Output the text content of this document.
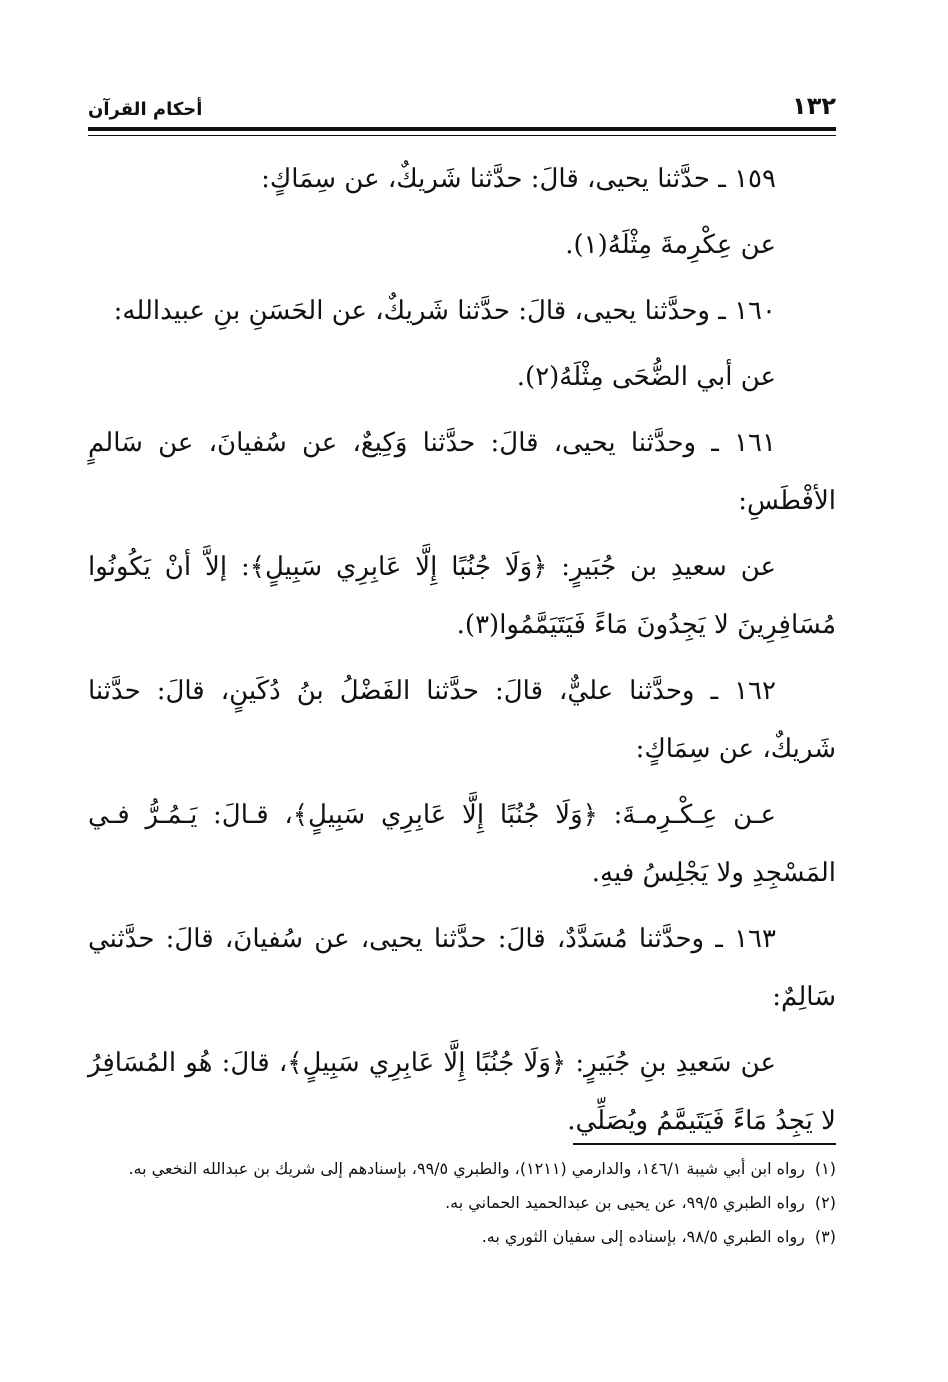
١٣٢
أحكام القرآن

١٥٩ ـ حدَّثنا يحيى، قالَ: حدَّثنا شَريكٌ، عن سِمَاكٍ:

عن عِكْرِمةَ مِثْلَهُ(١).

١٦٠ ـ وحدَّثنا يحيى، قالَ: حدَّثنا شَريكٌ، عن الحَسَنِ بنِ عبيدالله:

عن أبي الضُّحَى مِثْلَهُ(٢).

١٦١ ـ وحدَّثنا يحيى، قالَ: حدَّثنا وَكِيعٌ، عن سُفيانَ، عن سَالمٍ الأفْطَسِ:

عن سعيدِ بن جُبَيرٍ: ﴿وَلَا جُنُبًا إِلَّا عَابِرِي سَبِيلٍ﴾: إلاَّ أنْ يَكُونُوا مُسَافِرِينَ لا يَجِدُونَ مَاءً فَيَتَيَمَّمُوا(٣).

١٦٢ ـ وحدَّثنا عليٌّ، قالَ: حدَّثنا الفَضْلُ بنُ دُكَينٍ، قالَ: حدَّثنا شَريكٌ، عن سِمَاكٍ:

عـن عِـكْـرِمـةَ: ﴿وَلَا جُنُبًا إِلَّا عَابِرِي سَبِيلٍ﴾، قـالَ: يَـمُـرُّ فـي المَسْجِدِ ولا يَجْلِسُ فيهِ.

١٦٣ ـ وحدَّثنا مُسَدَّدٌ، قالَ: حدَّثنا يحيى، عن سُفيانَ، قالَ: حدَّثني سَالِمٌ:

عن سَعيدِ بنِ جُبَيرٍ: ﴿وَلَا جُنُبًا إِلَّا عَابِرِي سَبِيلٍ﴾، قالَ: هُو المُسَافِرُ لا يَجِدُ مَاءً فَيَتَيمَّمُ ويُصَلِّي.

(١)رواه ابن أبي شيبة ١٤٦/١، والدارمي (١٢١١)، والطبري ٩٩/٥، بإسنادهم إلى شريك بن عبدالله النخعي به.

(٢)رواه الطبري ٩٩/٥، عن يحيى بن عبدالحميد الحماني به.

(٣)رواه الطبري ٩٨/٥، بإسناده إلى سفيان الثوري به.
